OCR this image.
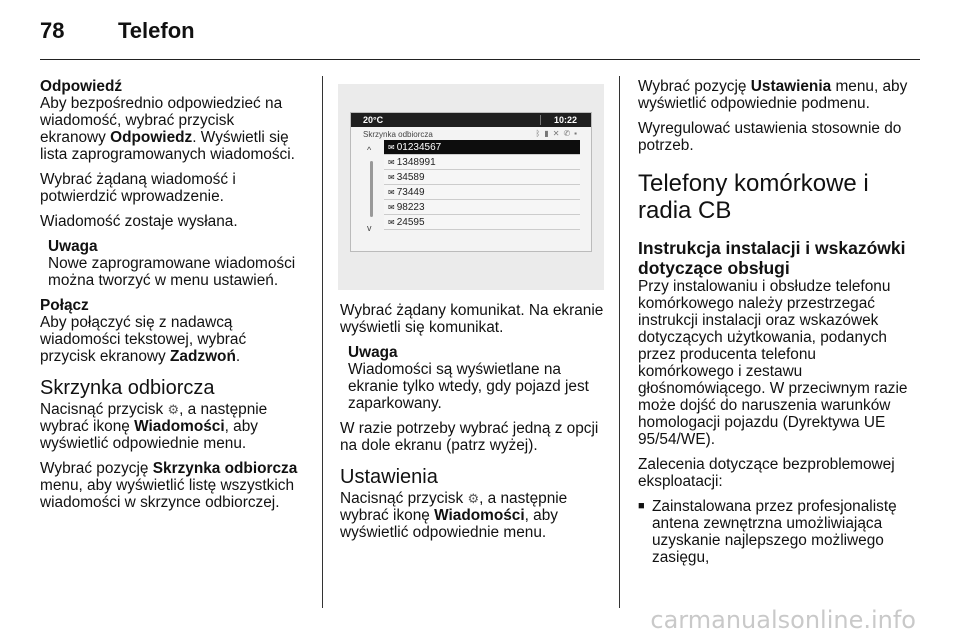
78 Telefon
Odpowiedź

Aby bezpośrednio odpowiedzieć na wiadomość, wybrać przycisk ekranowy Odpowiedz. Wyświetli się lista zaprogramowanych wiadomości.

Wybrać żądaną wiadomość i potwierdzić wprowadzenie.

Wiadomość zostaje wysłana.

Uwaga
Nowe zaprogramowane wiadomości można tworzyć w menu ustawień.
Połącz

Aby połączyć się z nadawcą wiadomości tekstowej, wybrać przycisk ekranowy Zadzwoń.

Skrzynka odbiorcza

Nacisnąć przycisk ⚙, a następnie wybrać ikonę Wiadomości, aby wyświetlić odpowiednie menu.

Wybrać pozycję Skrzynka odbiorcza menu, aby wyświetlić listę wszystkich wiadomości w skrzynce odbiorczej.

20°C	10:22
Skrzynka odbiorcza	ᛒ▮✕✆▪
^
v
✉ 01234567
✉ 1348991
✉ 34589
✉ 73449
✉ 98223
✉ 24595

Wybrać żądany komunikat. Na ekranie wyświetli się komunikat.

Uwaga
Wiadomości są wyświetlane na ekranie tylko wtedy, gdy pojazd jest zaparkowany.

W razie potrzeby wybrać jedną z opcji na dole ekranu (patrz wyżej).

Ustawienia

Nacisnąć przycisk ⚙, a następnie wybrać ikonę Wiadomości, aby wyświetlić odpowiednie menu.

Wybrać pozycję Ustawienia menu, aby wyświetlić odpowiednie podmenu.

Wyregulować ustawienia stosownie do potrzeb.

Telefony komórkowe i radia CB
Instrukcja instalacji i wskazówki dotyczące obsługi

Przy instalowaniu i obsłudze telefonu komórkowego należy przestrzegać instrukcji instalacji oraz wskazówek dotyczących użytkowania, podanych przez producenta telefonu komórkowego i zestawu głośnomówiącego. W przeciwnym razie może dojść do naruszenia warunków homologacji pojazdu (Dyrektywa UE 95/54/WE).

Zalecenia dotyczące bezproblemowej eksploatacji:

■ Zainstalowana przez profesjonalistę antena zewnętrzna umożliwiająca uzyskanie najlepszego możliwego zasięgu,
carmanualsonline.info
